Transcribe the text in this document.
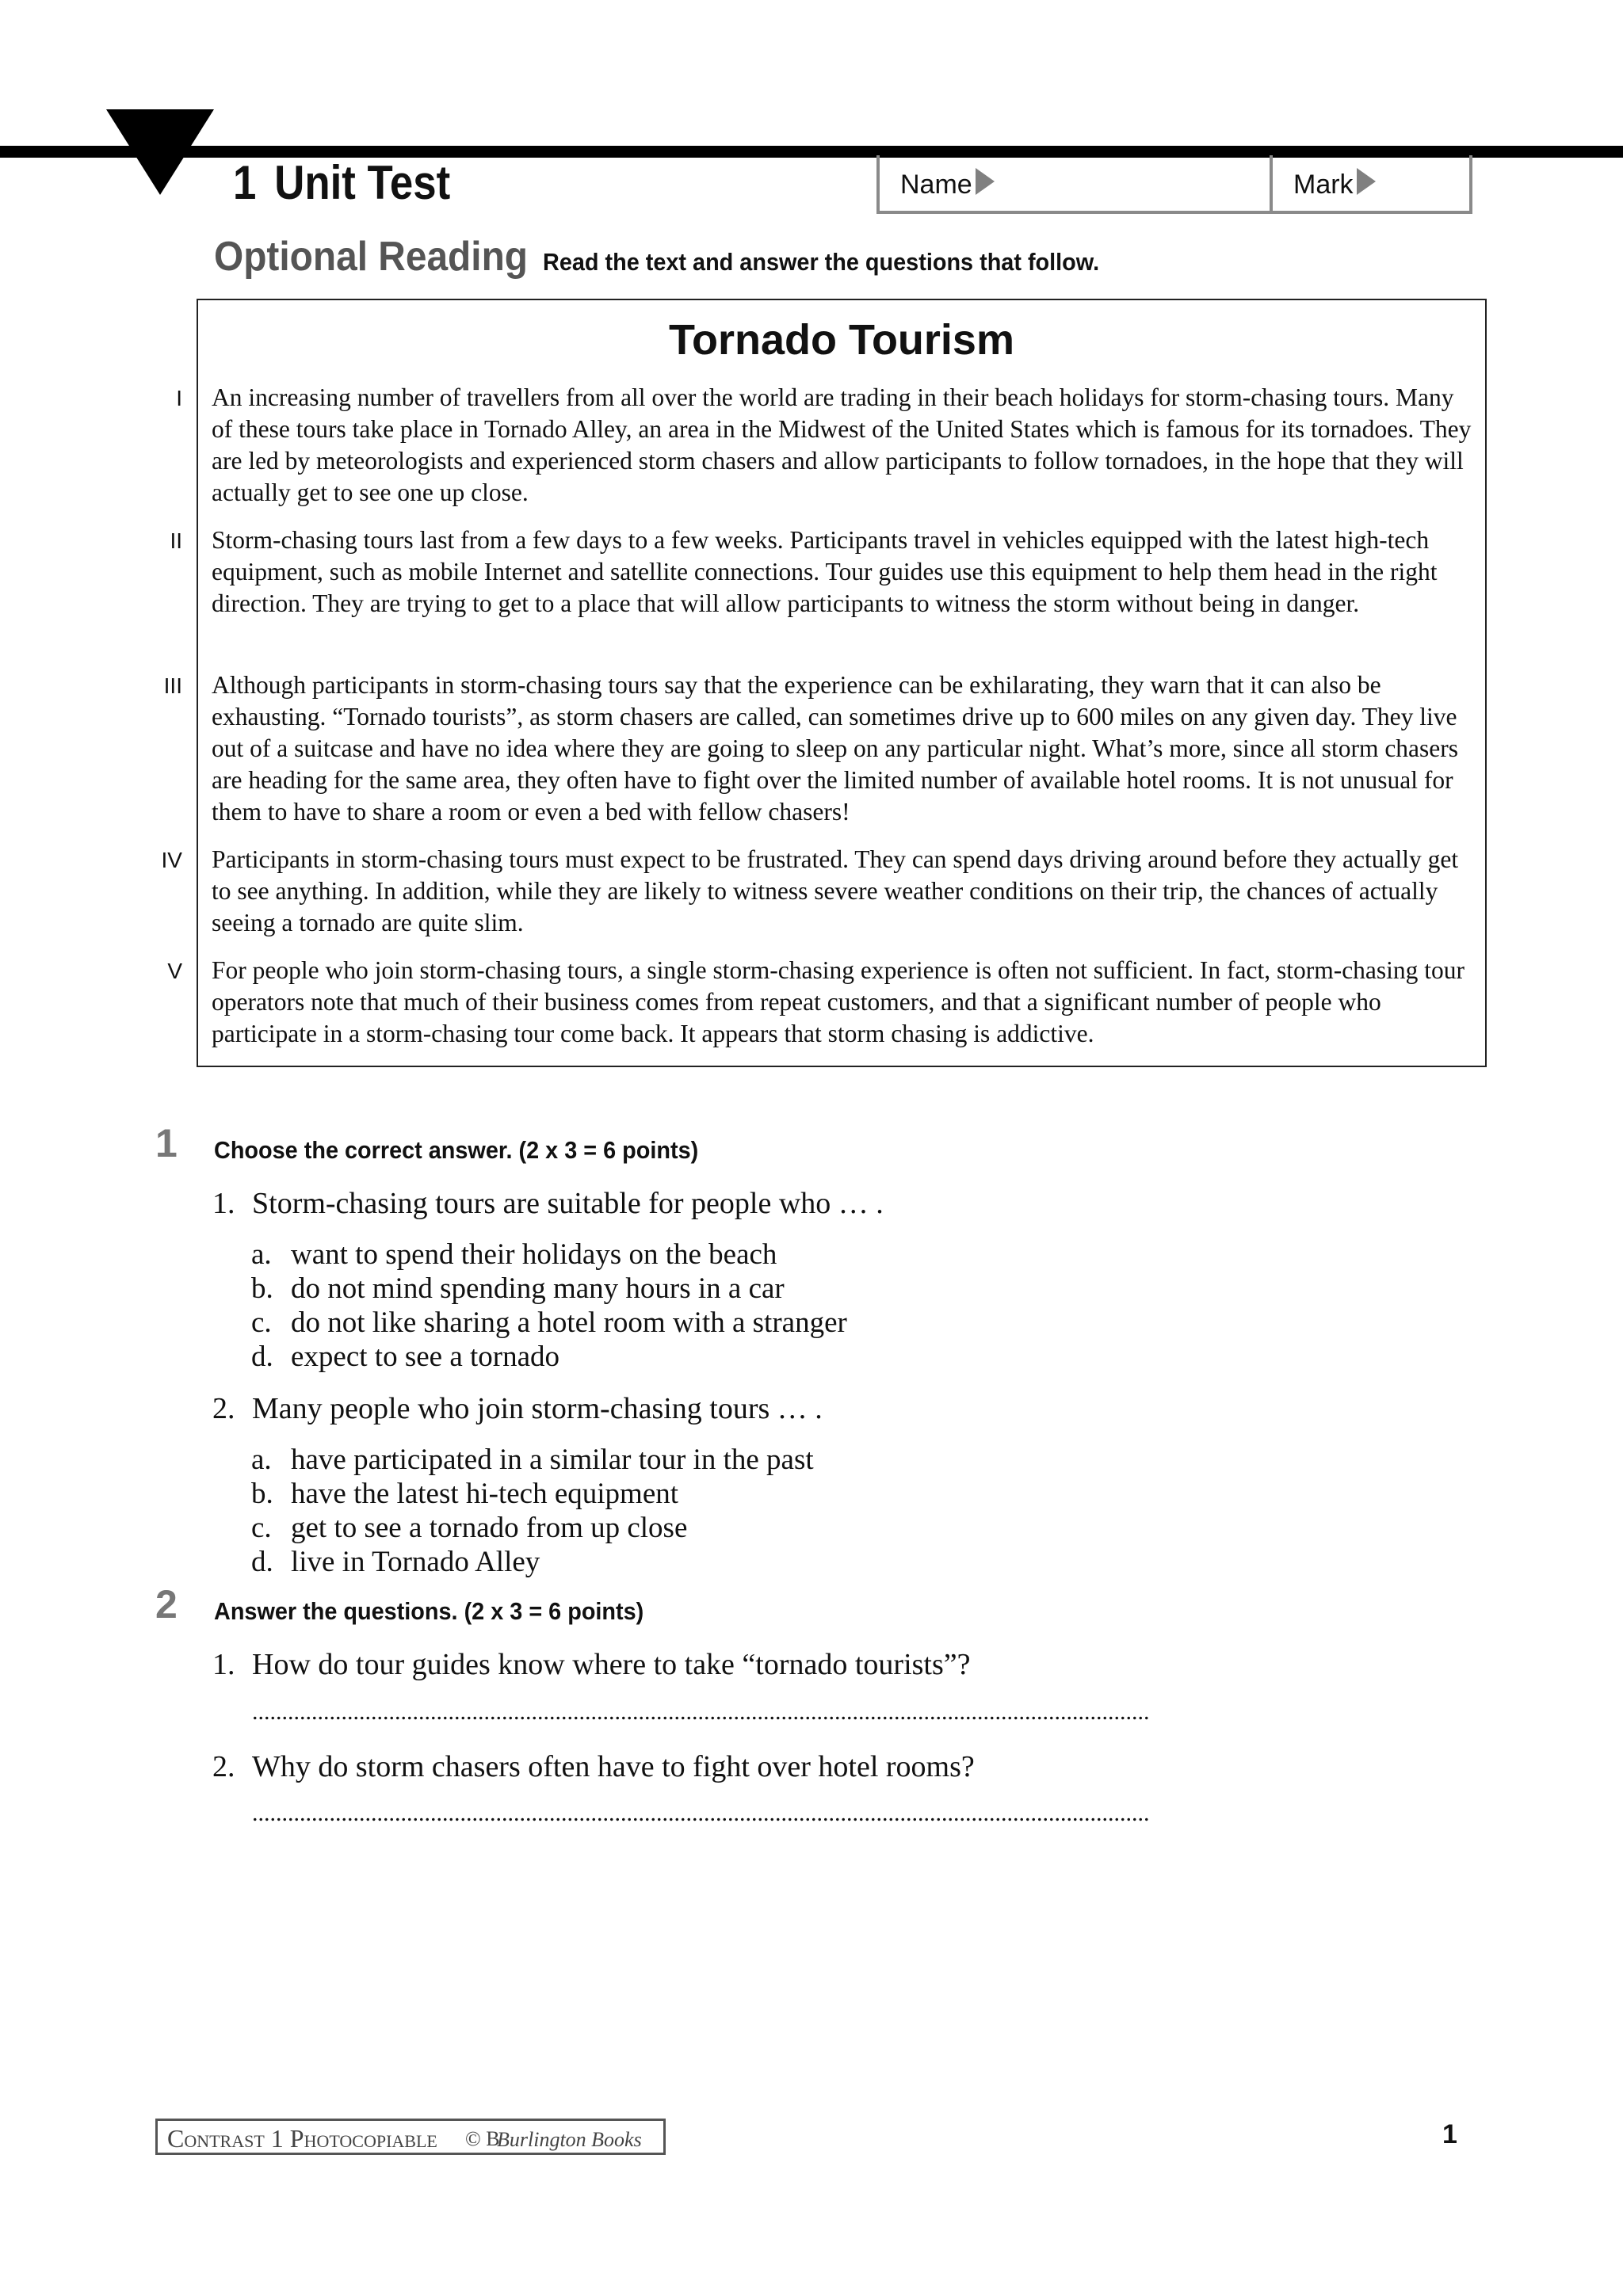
1 Unit Test	Name	Mark
Optional Reading Read the text and answer the questions that follow.
Tornado Tourism
I An increasing number of travellers from all over the world are trading in their beach holidays for storm-chasing tours. Many of these tours take place in Tornado Alley, an area in the Midwest of the United States which is famous for its tornadoes. They are led by meteorologists and experienced storm chasers and allow participants to follow tornadoes, in the hope that they will actually get to see one up close.

II Storm-chasing tours last from a few days to a few weeks. Participants travel in vehicles equipped with the latest high-tech equipment, such as mobile Internet and satellite connections. Tour guides use this equipment to help them head in the right direction. They are trying to get to a place that will allow participants to witness the storm without being in danger.

III Although participants in storm-chasing tours say that the experience can be exhilarating, they warn that it can also be exhausting. “Tornado tourists”, as storm chasers are called, can sometimes drive up to 600 miles on any given day. They live out of a suitcase and have no idea where they are going to sleep on any particular night. What’s more, since all storm chasers are heading for the same area, they often have to fight over the limited number of available hotel rooms. It is not unusual for them to have to share a room or even a bed with fellow chasers!

IV Participants in storm-chasing tours must expect to be frustrated. They can spend days driving around before they actually get to see anything. In addition, while they are likely to witness severe weather conditions on their trip, the chances of actually seeing a tornado are quite slim.

V For people who join storm-chasing tours, a single storm-chasing experience is often not sufficient. In fact, storm-chasing tour operators note that much of their business comes from repeat customers, and that a significant number of people who participate in a storm-chasing tour come back. It appears that storm chasing is addictive.

1 Choose the correct answer. (2 x 3 = 6 points)
1. Storm-chasing tours are suitable for people who … .
a. want to spend their holidays on the beach
b. do not mind spending many hours in a car
c. do not like sharing a hotel room with a stranger
d. expect to see a tornado
2. Many people who join storm-chasing tours … .
a. have participated in a similar tour in the past
b. have the latest hi-tech equipment
c. get to see a tornado from up close
d. live in Tornado Alley
2 Answer the questions. (2 x 3 = 6 points)
1. How do tour guides know where to take “tornado tourists”?
.......................................................................................................................................................
2. Why do storm chasers often have to fight over hotel rooms?
.......................................................................................................................................................
Contrast 1 Photocopiable © B
Burlington Books	1
